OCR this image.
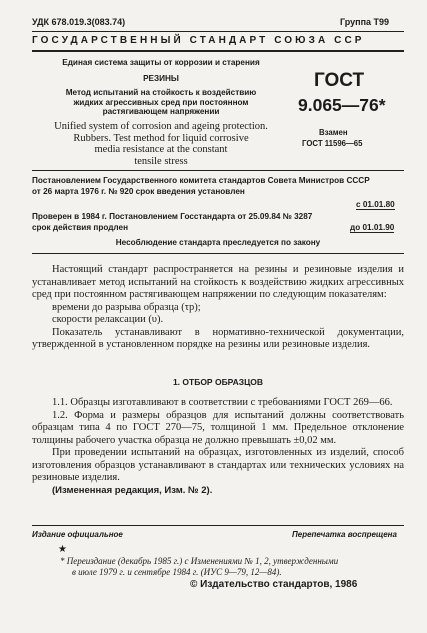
УДК 678.019.3(083.74)	Группа Т99
ГОСУДАРСТВЕННЫЙ СТАНДАРТ СОЮЗА ССР
Единая система защиты от коррозии и старения
РЕЗИНЫ
Метод испытаний на стойкость к воздействию
жидких агрессивных сред при постоянном
растягивающем напряжении
Unified system of corrosion and ageing protection.
Rubbers. Test method for liquid corrosive
media resistance at the constant
tensile stress
ГОСТ
9.065—76*
Взамен
ГОСТ 11596—65
Постановлением Государственного комитета стандартов Совета Министров СССР
от 26 марта 1976 г. № 920 срок введения установлен
с 01.01.80
Проверен в 1984 г. Постановлением Госстандарта от 25.09.84 № 3287
срок действия продлен	до 01.01.90
Несоблюдение стандарта преследуется по закону

Настоящий стандарт распространяется на резины и резиновые изделия и устанавливает метод испытаний на стойкость к воздействию жидких агрессивных сред при постоянном растягивающем напряжении по следующим показателям:

времени до разрыва образца (τр);

скорости релаксации (υ).

Показатель устанавливают в нормативно-технической документации, утвержденной в установленном порядке на резины или резиновые изделия.

1. ОТБОР ОБРАЗЦОВ

1.1. Образцы изготавливают в соответствии с требованиями ГОСТ 269—66.

1.2. Форма и размеры образцов для испытаний должны соответствовать образцам типа 4 по ГОСТ 270—75, толщиной 1 мм. Предельное отклонение толщины рабочего участка образца не должно превышать ±0,02 мм.

При проведении испытаний на образцах, изготовленных из изделий, способ изготовления образцов устанавливают в стандартах или технических условиях на резиновые изделия.

(Измененная редакция, Изм. № 2).

Издание официальное	Перепечатка воспрещена
★
* Переиздание (декабрь 1985 г.) с Изменениями № 1, 2, утвержденными
в июле 1979 г. и сентябре 1984 г. (ИУС 9—79, 12—84).
© Издательство стандартов, 1986
